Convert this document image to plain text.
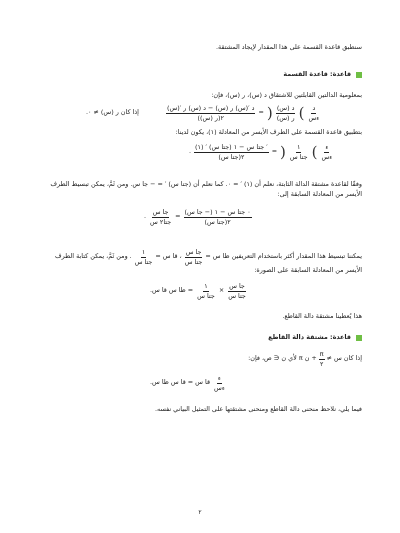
سنطبق قاعدة القسمة على هذا المقدار لإيجاد المشتقة.
قاعدة: قاعدة القسمة
بمعلومية الدالتين القابلتين للاشتقاق د (س)، ر (س)، فإن:
إذا كان ر (س) ≠ ٠.	$\frac{\text{د ′(س) ر (س) − د (س) ر ′(س)}}{\text{(ر (س))٢}}$ = ) $\frac{\text{د (س)}}{\text{ر (س)}}$ ( $\frac{\text{د}}{\text{ءس}}$
بتطبيق قاعدة القسمة على الطرف الأيسر من المعادلة (١)، يكون لدينا:
. $\frac{\text{(١) ′ جتا س − ١ (جتا س) ′}}{\text{(جتا س)٢}}$ = ) $\frac{١}{\text{جتا س}}$ ( $\frac{\text{ء}}{\text{ءس}}$
وفقًا لقاعدة مشتقة الدالة الثابتة، نعلم أن (١) ′ = ٠. كما نعلم أن (جتا س) ′ = − جا س. ومن ثَمَّ، يمكن تبسيط الطرف الأيسر من المعادلة السابقة إلى:
. $\frac{\text{جا س}}{\text{جتا٢ س}} = \frac{\text{٠ جتا س − ١ (− جا س)}}{\text{(جتا س)٢}}$
يمكننا تبسيط هذا المقدار أكثر باستخدام التعريفين ظا س =
$\frac{\text{جا س}}{\text{جتا س}}$
، قا س =
$\frac{١}{\text{جتا س}}$
. ومن ثَمَّ، يمكن كتابة الطرف
الأيسر من المعادلة السابقة على الصورة:
= ظا س قا س. $\frac{١}{\text{جتا س}} \times \frac{\text{جا س}}{\text{جتا س}}$
هذا يُعطينا مشتقة دالة القاطع.
قاعدة: مشتقة دالة القاطع
إذا كان س ≠
$\frac{\pi}{٢}$
+ ن π لأي ن ∈ ص، فإن:
قا س = قا س ظا س. $\frac{\text{ء}}{\text{ءس}}$
فيما يلي، نلاحظ منحنى دالة القاطع ومنحنى مشتقتها على التمثيل البياني نفسه.
٢
